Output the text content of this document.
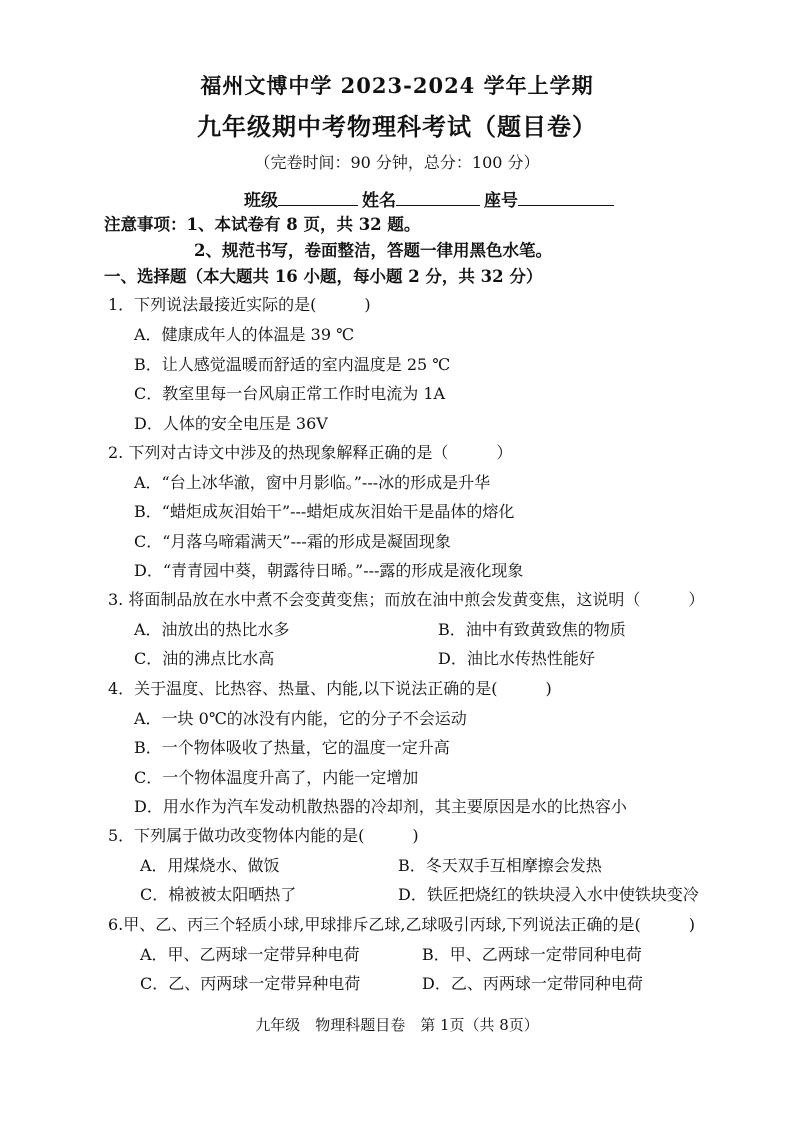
福州文博中学 2023-2024 学年上学期
九年级期中考物理科考试（题目卷）
（完卷时间：90 分钟，总分：100 分）
班级	姓名	座号
注意事项：1、本试卷有 8 页，共 32 题。
2、规范书写，卷面整洁，答题一律用黑色水笔。
一、选择题（本大题共 16 小题，每小题 2 分，共 32 分）
1．下列说法最接近实际的是(　　　)
A．健康成年人的体温是 39 ℃
B．让人感觉温暖而舒适的室内温度是 25 ℃
C．教室里每一台风扇正常工作时电流为 1A
D．人体的安全电压是 36V
2. 下列对古诗文中涉及的热现象解释正确的是（　　　）
A．“台上冰华澈，窗中月影临。”---冰的形成是升华
B．“蜡炬成灰泪始干”---蜡炬成灰泪始干是晶体的熔化
C．“月落乌啼霜满天”---霜的形成是凝固现象
D．“青青园中葵，朝露待日晞。”---露的形成是液化现象
3. 将面制品放在水中煮不会变黄变焦；而放在油中煎会发黄变焦，这说明（　　　）
A．油放出的热比水多	B．油中有致黄致焦的物质
C．油的沸点比水高	D．油比水传热性能好
4．关于温度、比热容、热量、内能,以下说法正确的是(　　　)
A．一块 0℃的冰没有内能，它的分子不会运动
B．一个物体吸收了热量，它的温度一定升高
C．一个物体温度升高了，内能一定增加
D．用水作为汽车发动机散热器的冷却剂，其主要原因是水的比热容小
5．下列属于做功改变物体内能的是(　　　)
A．用煤烧水、做饭	B．冬天双手互相摩擦会发热
C．棉被被太阳晒热了	D．铁匠把烧红的铁块浸入水中使铁块变冷
6.甲、乙、丙三个轻质小球,甲球排斥乙球,乙球吸引丙球,下列说法正确的是(　　　)
A．甲、乙两球一定带异种电荷	B．甲、乙两球一定带同种电荷
C．乙、丙两球一定带异种电荷	D．乙、丙两球一定带同种电荷
九年级　物理科题目卷　第 1页（共 8页）
